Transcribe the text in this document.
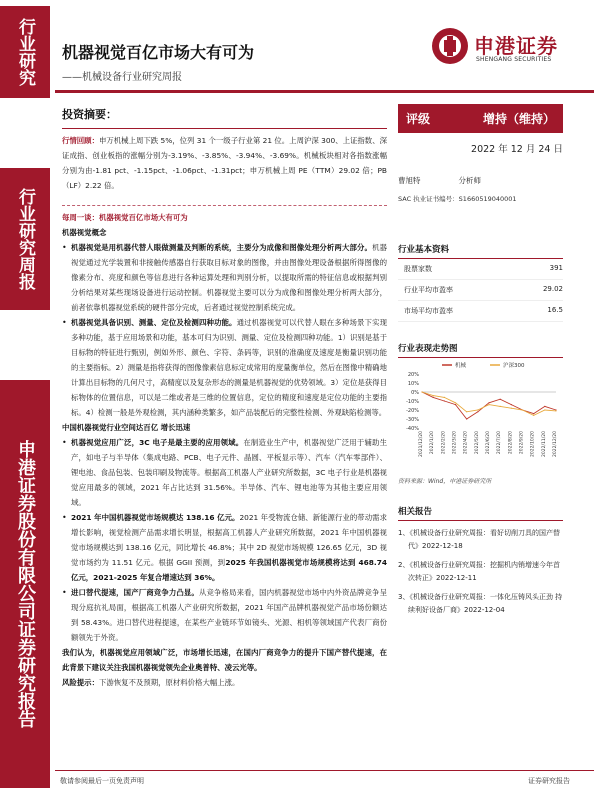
行业研究
行业研究周报
申港证券股份有限公司证券研究报告
机器视觉百亿市场大有可为
——机械设备行业研究周报
申港证券
SHENGANG SECURITIES
投资摘要：

行情回顾：申万机械上周下跌 5%，位列 31 个一级子行业第 21 位。上周沪深 300、上证指数、深证成指、创业板指的涨幅分别为-3.19%、-3.85%、-3.94%、-3.69%。机械板块相对各指数涨幅分别为由-1.81 pct、-1.15pct、-1.06pct、-1.31pct；申万机械上周 PE（TTM）29.02 倍；PB（LF）2.22 倍。

每周一谈：机器视觉百亿市场大有可为

机器视觉概念

• 机器视觉是用机器代替人眼做测量及判断的系统，主要分为成像和图像处理分析两大部分。机器视觉通过光学装置和非接触传感器自行获取目标对象的图像，并由图像处理设备根据所得图像的像素分布、亮度和颜色等信息进行各种运算处理和判别分析，以提取所需的特征信息或根据判别分析结果对某些现场设备进行运动控制。机器视觉主要可以分为成像和图像处理分析两大部分，前者依靠机器视觉系统的硬件部分完成，后者通过视觉控制系统完成。

• 机器视觉具备识别、测量、定位及检测四种功能。通过机器视觉可以代替人眼在多种场景下实现多种功能，基于应用场景和功能，基本可归为识别、测量、定位及检测四种功能。1）识别是基于目标物的特征进行甄别，例如外形、颜色、字符、条码等，识别的准确度及速度是衡量识别功能的主要指标。2）测量是指将获得的图像像素信息标定成常用的度量衡单位，然后在图像中精确地计算出目标物的几何尺寸，高精度以及复杂形态的测量是机器视觉的优势领域。3）定位是获得目标物体的位置信息，可以是二维或者是三维的位置信息，定位的精度和速度是定位功能的主要指标。4）检测一般是外观检测，其内涵种类繁多，如产品装配后的完整性检测、外观缺陷检测等。

中国机器视觉行业空间达百亿 增长迅速

• 机器视觉应用广泛，3C 电子是最主要的应用领域。在制造业生产中，机器视觉广泛用于辅助生产，如电子与半导体（集成电路、PCB、电子元件、晶圆、平板显示等）、汽车（汽车零部件）、锂电池、食品包装、包装印刷及物流等。根据高工机器人产业研究所数据，3C 电子行业是机器视觉应用最多的领域，2021 年占比达到 31.56%。半导体、汽车、锂电池等为其他主要应用领域。

• 2021 年中国机器视觉市场规模达 138.16 亿元。2021 年受物流仓储、新能源行业的带动需求增长影响，视觉检测产品需求增长明显，根据高工机器人产业研究所数据，2021 年中国机器视觉市场规模达到 138.16 亿元，同比增长 46.8%；其中 2D 视觉市场规模 126.65 亿元，3D 视觉市场约为 11.51 亿元。根据 GGII 预测，到2025 年我国机器视觉市场规模将达到 468.74 亿元，2021-2025 年复合增速达到 36%。

• 进口替代提速，国产厂商竞争力凸显。从竞争格局来看，国内机器视觉市场中内外资品牌竞争呈现分庭抗礼局面，根据高工机器人产业研究所数据，2021 年国产品牌机器视觉产品市场份额达到 58.43%。进口替代进程提速，在某些产业链环节如镜头、光源、相机等领域国产代表厂商份额领先于外资。

我们认为，机器视觉应用领域广泛，市场增长迅速，在国内厂商竞争力的提升下国产替代提速，在此背景下建议关注我国机器视觉领先企业奥普特、凌云光等。

风险提示：下游恢复不及预期，原材料价格大幅上涨。

评级	增持（维持）
2022 年 12 月 24 日
曹旭特	分析师
SAC 执业证书编号：S1660519040001
行业基本资料
股票家数	391
行业平均市盈率	29.02
市场平均市盈率	16.5
行业表现走势图
20%
10%
0%
-10%
-20%
-30%
-40%
2021/12/20 2022/1/20 2022/2/20 2022/3/20 2022/4/20 2022/5/20 2022/6/20 2022/7/20 2022/8/20 2022/9/20 2022/10/20 2022/11/20 2022/12/20
机械	沪深300
资料来源：Wind，申港证券研究所
相关报告
1、《机械设备行业研究周报：看好切削刀具的国产替代》2022-12-18
2、《机械设备行业研究周报：挖掘机内销增速今年首次转正》2022-12-11
3、《机械设备行业研究周报：一体化压铸风头正劲 持续利好设备厂商》2022-12-04
敬请参阅最后一页免责声明	证券研究报告
